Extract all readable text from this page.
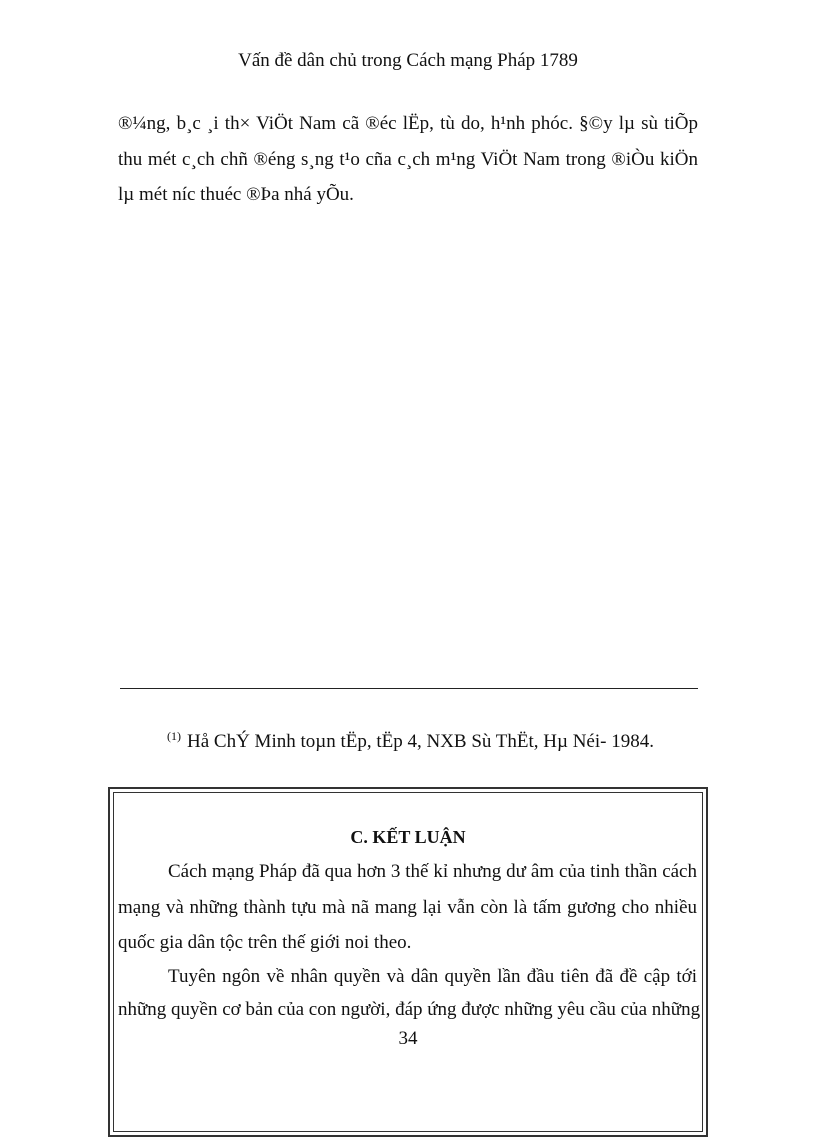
Vấn đề dân chủ trong Cách mạng Pháp 1789
®¼ng, b¸c ¸i th× ViÖt Nam cã ®éc lËp, tù do, h¹nh phóc. §©y lµ sù tiÕp
thu mét c¸ch chñ ®éng s¸ng t¹o cña c¸ch m¹ng ViÖt Nam trong ®iÒu kiÖn
lµ mét níc thuéc ®Þa nhá yÕu.
$^{(1)}$ Hå ChÝ Minh toµn tËp, tËp 4, NXB Sù ThËt, Hµ Néi- 1984.
C. KẾT LUẬN
Cách mạng Pháp đã qua hơn 3 thế kỉ nhưng dư âm của tinh thần cách
mạng và những thành tựu mà nã mang lại vẫn còn là tấm gương cho nhiều
quốc gia dân tộc trên thế giới noi theo.
Tuyên ngôn về nhân quyền và dân quyền lần đầu tiên đã đề cập tới
những quyền cơ bản của con người, đáp ứng được những yêu cầu của những
34
